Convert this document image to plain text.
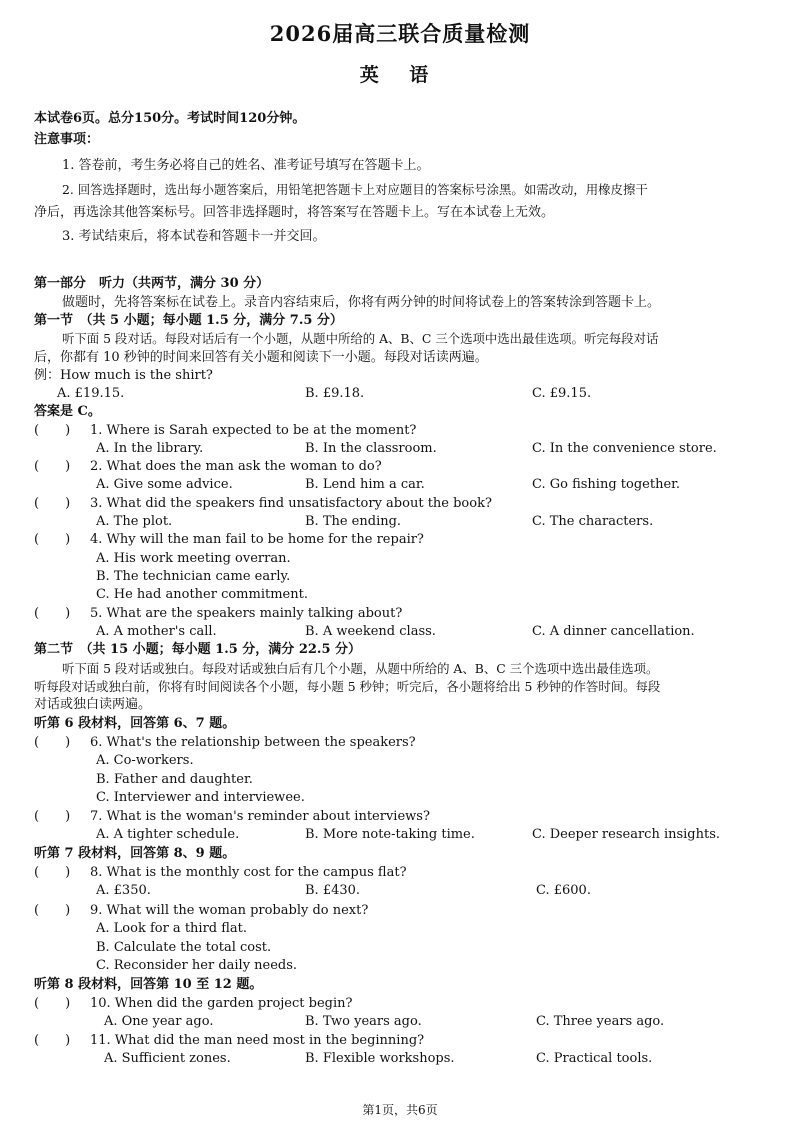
2026届高三联合质量检测
英 语
本试卷6页。总分150分。考试时间120分钟。
注意事项：
1. 答卷前，考生务必将自己的姓名、准考证号填写在答题卡上。
2. 回答选择题时，选出每小题答案后，用铅笔把答题卡上对应题目的答案标号涂黑。如需改动，用橡皮擦干
净后，再选涂其他答案标号。回答非选择题时，将答案写在答题卡上。写在本试卷上无效。
3. 考试结束后，将本试卷和答题卡一并交回。
第一部分　听力（共两节，满分 30 分）
做题时，先将答案标在试卷上。录音内容结束后，你将有两分钟的时间将试卷上的答案转涂到答题卡上。
第一节　（共 5 小题；每小题 1.5 分，满分 7.5 分）
听下面 5 段对话。每段对话后有一个小题，从题中所给的 A、B、C 三个选项中选出最佳选项。听完每段对话
后，你都有 10 秒钟的时间来回答有关小题和阅读下一小题。每段对话读两遍。
例：How much is the shirt?
A. £19.15.	B. £9.18.	C. £9.15.
答案是 C。
(　　) 1. Where is Sarah expected to be at the moment?
A. In the library.	B. In the classroom.	C. In the convenience store.
(　　) 2. What does the man ask the woman to do?
A. Give some advice.	B. Lend him a car.	C. Go fishing together.
(　　) 3. What did the speakers find unsatisfactory about the book?
A. The plot.	B. The ending.	C. The characters.
(　　) 4. Why will the man fail to be home for the repair?
A. His work meeting overran.
B. The technician came early.
C. He had another commitment.
(　　) 5. What are the speakers mainly talking about?
A. A mother's call.	B. A weekend class.	C. A dinner cancellation.
第二节　（共 15 小题；每小题 1.5 分，满分 22.5 分）
听下面 5 段对话或独白。每段对话或独白后有几个小题，从题中所给的 A、B、C 三个选项中选出最佳选项。
听每段对话或独白前，你将有时间阅读各个小题，每小题 5 秒钟；听完后，各小题将给出 5 秒钟的作答时间。每段
对话或独白读两遍。
听第 6 段材料，回答第 6、7 题。
(　　) 6. What's the relationship between the speakers?
A. Co-workers.
B. Father and daughter.
C. Interviewer and interviewee.
(　　) 7. What is the woman's reminder about interviews?
A. A tighter schedule.	B. More note-taking time.	C. Deeper research insights.
听第 7 段材料，回答第 8、9 题。
(　　) 8. What is the monthly cost for the campus flat?
A. £350.	B. £430.	C. £600.
(　　) 9. What will the woman probably do next?
A. Look for a third flat.
B. Calculate the total cost.
C. Reconsider her daily needs.
听第 8 段材料，回答第 10 至 12 题。
(　　) 10. When did the garden project begin?
A. One year ago.	B. Two years ago.	C. Three years ago.
(　　) 11. What did the man need most in the beginning?
A. Sufficient zones.	B. Flexible workshops.	C. Practical tools.
第1页，共6页
